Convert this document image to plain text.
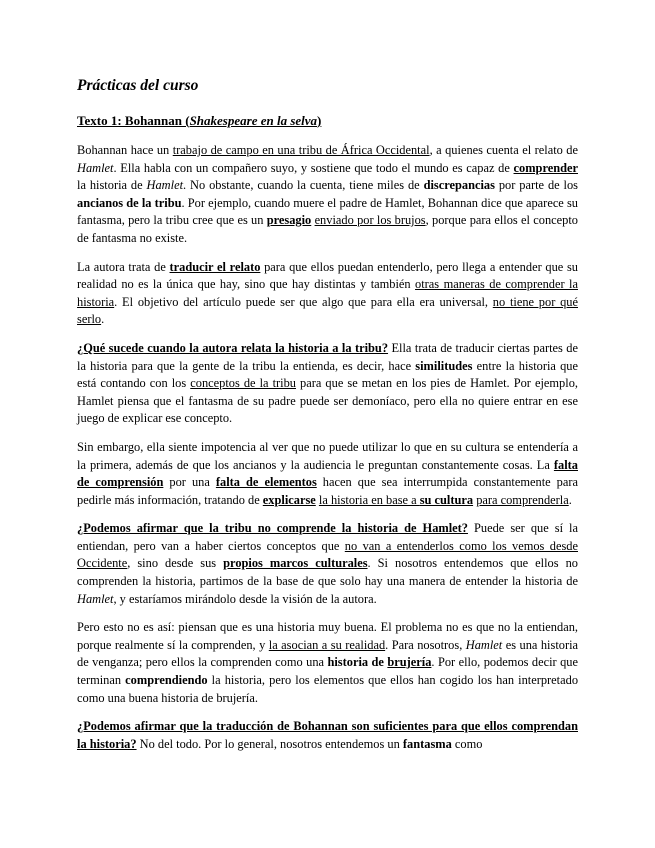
Prácticas del curso
Texto 1: Bohannan (Shakespeare en la selva)

Bohannan hace un trabajo de campo en una tribu de África Occidental, a quienes cuenta el relato de Hamlet. Ella habla con un compañero suyo, y sostiene que todo el mundo es capaz de comprender la historia de Hamlet. No obstante, cuando la cuenta, tiene miles de discrepancias por parte de los ancianos de la tribu. Por ejemplo, cuando muere el padre de Hamlet, Bohannan dice que aparece su fantasma, pero la tribu cree que es un presagio enviado por los brujos, porque para ellos el concepto de fantasma no existe.

La autora trata de traducir el relato para que ellos puedan entenderlo, pero llega a entender que su realidad no es la única que hay, sino que hay distintas y también otras maneras de comprender la historia. El objetivo del artículo puede ser que algo que para ella era universal, no tiene por qué serlo.

¿Qué sucede cuando la autora relata la historia a la tribu? Ella trata de traducir ciertas partes de la historia para que la gente de la tribu la entienda, es decir, hace similitudes entre la historia que está contando con los conceptos de la tribu para que se metan en los pies de Hamlet. Por ejemplo, Hamlet piensa que el fantasma de su padre puede ser demoníaco, pero ella no quiere entrar en ese juego de explicar ese concepto.

Sin embargo, ella siente impotencia al ver que no puede utilizar lo que en su cultura se entendería a la primera, además de que los ancianos y la audiencia le preguntan constantemente cosas. La falta de comprensión por una falta de elementos hacen que sea interrumpida constantemente para pedirle más información, tratando de explicarse la historia en base a su cultura para comprenderla.

¿Podemos afirmar que la tribu no comprende la historia de Hamlet? Puede ser que sí la entiendan, pero van a haber ciertos conceptos que no van a entenderlos como los vemos desde Occidente, sino desde sus propios marcos culturales. Si nosotros entendemos que ellos no comprenden la historia, partimos de la base de que solo hay una manera de entender la historia de Hamlet, y estaríamos mirándolo desde la visión de la autora.

Pero esto no es así: piensan que es una historia muy buena. El problema no es que no la entiendan, porque realmente sí la comprenden, y la asocian a su realidad. Para nosotros, Hamlet es una historia de venganza; pero ellos la comprenden como una historia de brujería. Por ello, podemos decir que terminan comprendiendo la historia, pero los elementos que ellos han cogido los han interpretado como una buena historia de brujería.

¿Podemos afirmar que la traducción de Bohannan son suficientes para que ellos comprendan la historia? No del todo. Por lo general, nosotros entendemos un fantasma como
